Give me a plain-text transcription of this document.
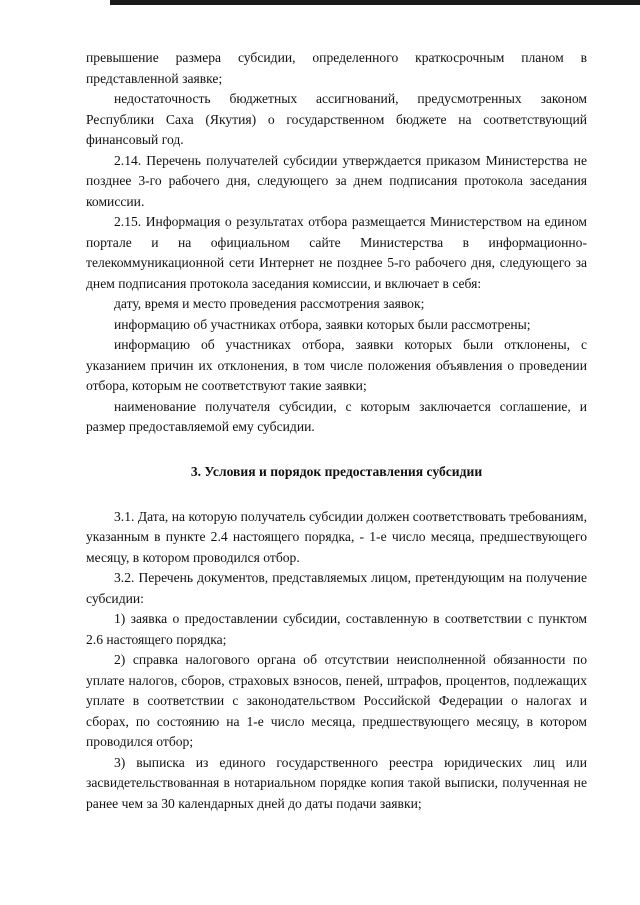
превышение размера субсидии, определенного краткосрочным планом в представленной заявке;

недостаточность бюджетных ассигнований, предусмотренных законом Республики Саха (Якутия) о государственном бюджете на соответствующий финансовый год.

2.14. Перечень получателей субсидии утверждается приказом Министерства не позднее 3-го рабочего дня, следующего за днем подписания протокола заседания комиссии.

2.15. Информация о результатах отбора размещается Министерством на едином портале и на официальном сайте Министерства в информационно-телекоммуникационной сети Интернет не позднее 5-го рабочего дня, следующего за днем подписания протокола заседания комиссии, и включает в себя:

дату, время и место проведения рассмотрения заявок;

информацию об участниках отбора, заявки которых были рассмотрены;

информацию об участниках отбора, заявки которых были отклонены, с указанием причин их отклонения, в том числе положения объявления о проведении отбора, которым не соответствуют такие заявки;

наименование получателя субсидии, с которым заключается соглашение, и размер предоставляемой ему субсидии.

3. Условия и порядок предоставления субсидии

3.1. Дата, на которую получатель субсидии должен соответствовать требованиям, указанным в пункте 2.4 настоящего порядка, - 1-е число месяца, предшествующего месяцу, в котором проводился отбор.

3.2. Перечень документов, представляемых лицом, претендующим на получение субсидии:

1) заявка о предоставлении субсидии, составленную в соответствии с пунктом 2.6 настоящего порядка;

2) справка налогового органа об отсутствии неисполненной обязанности по уплате налогов, сборов, страховых взносов, пеней, штрафов, процентов, подлежащих уплате в соответствии с законодательством Российской Федерации о налогах и сборах, по состоянию на 1-е число месяца, предшествующего месяцу, в котором проводился отбор;

3) выписка из единого государственного реестра юридических лиц или засвидетельствованная в нотариальном порядке копия такой выписки, полученная не ранее чем за 30 календарных дней до даты подачи заявки;
